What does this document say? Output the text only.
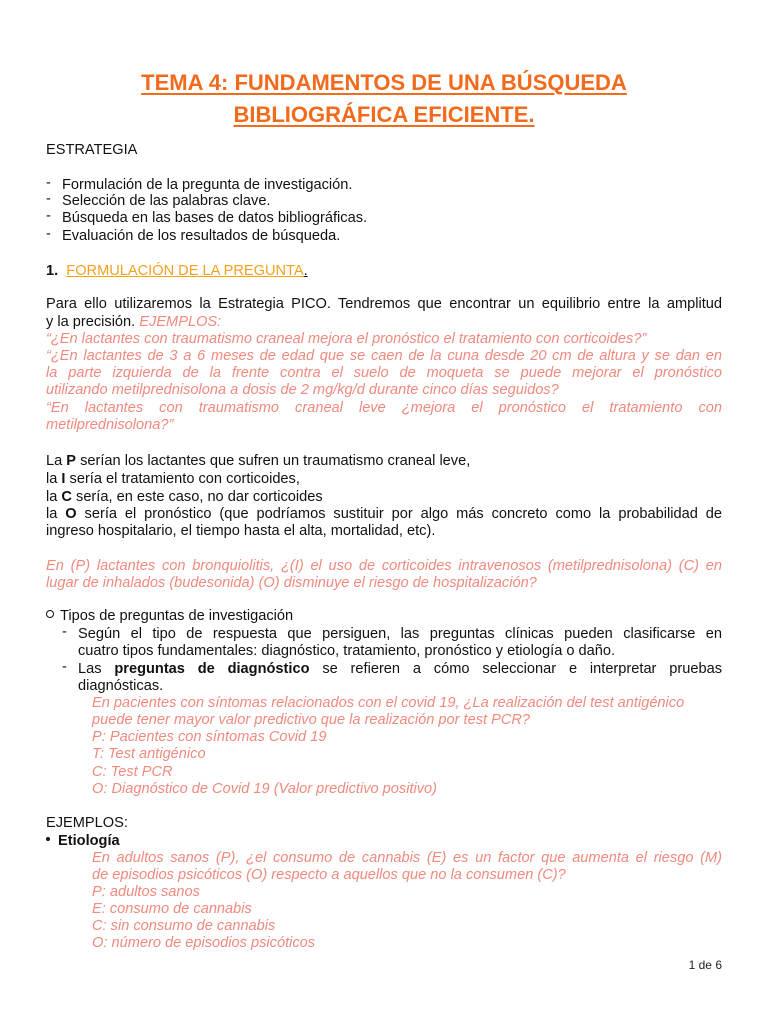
TEMA 4: FUNDAMENTOS DE UNA BÚSQUEDA
BIBLIOGRÁFICA EFICIENTE.
ESTRATEGIA
- Formulación de la pregunta de investigación.
- Selección de las palabras clave.
- Búsqueda en las bases de datos bibliográficas.
- Evaluación de los resultados de búsqueda.
1. FORMULACIÓN DE LA PREGUNTA.
Para ello utilizaremos la Estrategia PICO. Tendremos que encontrar un equilibrio entre la amplitud
y la precisión. EJEMPLOS:
“¿En lactantes con traumatismo craneal mejora el pronóstico el tratamiento con corticoides?”
“¿En lactantes de 3 a 6 meses de edad que se caen de la cuna desde 20 cm de altura y se dan en
la parte izquierda de la frente contra el suelo de moqueta se puede mejorar el pronóstico
utilizando metilprednisolona a dosis de 2 mg/kg/d durante cinco días seguidos?
“En lactantes con traumatismo craneal leve ¿mejora el pronóstico el tratamiento con
metilprednisolona?”
La P serían los lactantes que sufren un traumatismo craneal leve,
la I sería el tratamiento con corticoides,
la C sería, en este caso, no dar corticoides
la O sería el pronóstico (que podríamos sustituir por algo más concreto como la probabilidad de
ingreso hospitalario, el tiempo hasta el alta, mortalidad, etc).
En (P) lactantes con bronquiolitis, ¿(I) el uso de corticoides intravenosos (metilprednisolona) (C) en
lugar de inhalados (budesonida) (O) disminuye el riesgo de hospitalización?
Tipos de preguntas de investigación
- Según el tipo de respuesta que persiguen, las preguntas clínicas pueden clasificarse en
cuatro tipos fundamentales: diagnóstico, tratamiento, pronóstico y etiología o daño.
- Las preguntas de diagnóstico se refieren a cómo seleccionar e interpretar pruebas
diagnósticas.
En pacientes con síntomas relacionados con el covid 19, ¿La realización del test antigénico
puede tener mayor valor predictivo que la realización por test PCR?
P: Pacientes con síntomas Covid 19
T: Test antigénico
C: Test PCR
O: Diagnóstico de Covid 19 (Valor predictivo positivo)
EJEMPLOS:
Etiología
En adultos sanos (P), ¿el consumo de cannabis (E) es un factor que aumenta el riesgo (M)
de episodios psicóticos (O) respecto a aquellos que no la consumen (C)?
P: adultos sanos
E: consumo de cannabis
C: sin consumo de cannabis
O: número de episodios psicóticos
1 de 6
